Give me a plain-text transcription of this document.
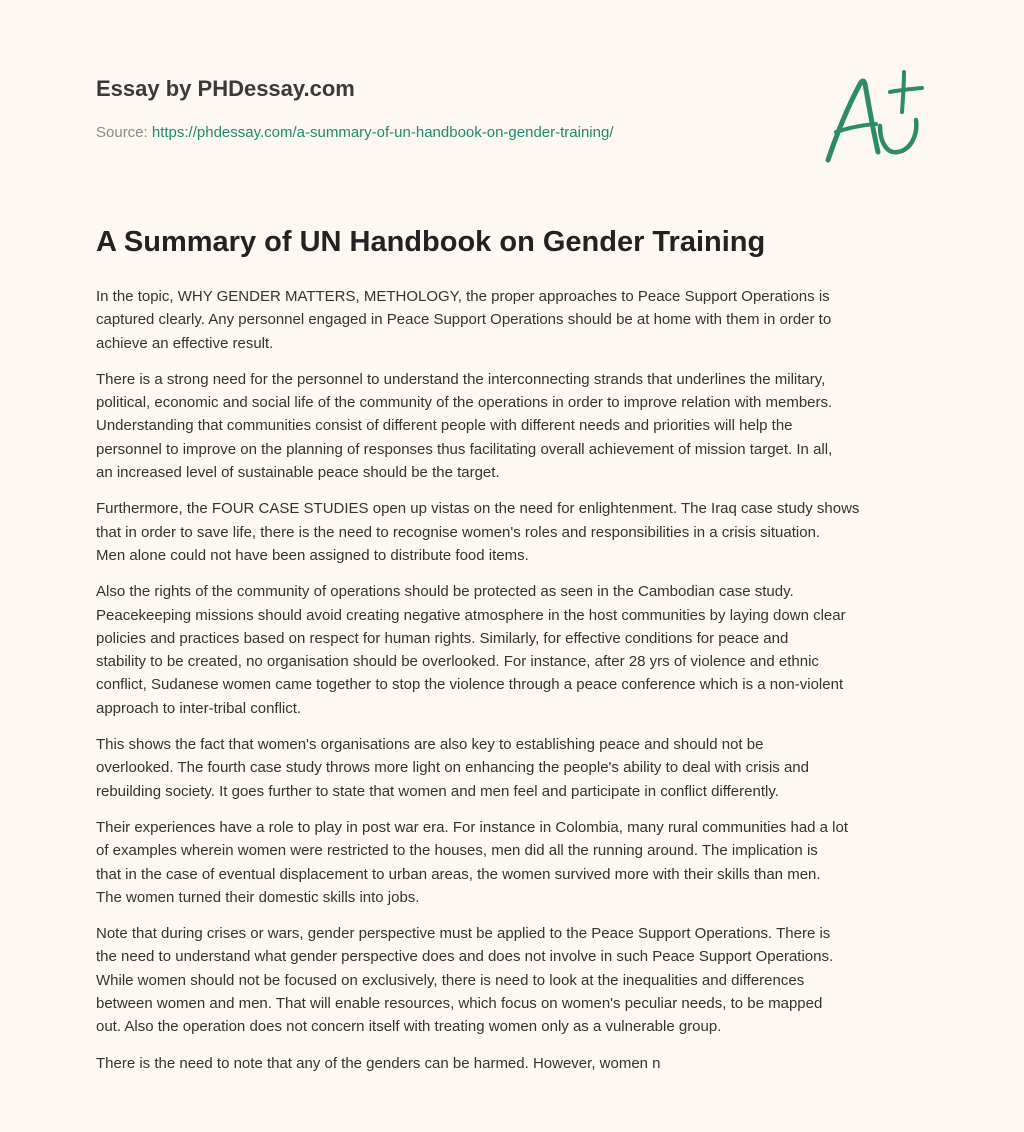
Essay by PHDessay.com
Source: https://phdessay.com/a-summary-of-un-handbook-on-gender-training/
A Summary of UN Handbook on Gender Training

In the topic, WHY GENDER MATTERS, METHOLOGY, the proper approaches to Peace Support Operations is
captured clearly. Any personnel engaged in Peace Support Operations should be at home with them in order to
achieve an effective result.

There is a strong need for the personnel to understand the interconnecting strands that underlines the military,
political, economic and social life of the community of the operations in order to improve relation with members.
Understanding that communities consist of different people with different needs and priorities will help the
personnel to improve on the planning of responses thus facilitating overall achievement of mission target. In all,
an increased level of sustainable peace should be the target.

Furthermore, the FOUR CASE STUDIES open up vistas on the need for enlightenment. The Iraq case study shows
that in order to save life, there is the need to recognise women's roles and responsibilities in a crisis situation.
Men alone could not have been assigned to distribute food items.

Also the rights of the community of operations should be protected as seen in the Cambodian case study.
Peacekeeping missions should avoid creating negative atmosphere in the host communities by laying down clear
policies and practices based on respect for human rights. Similarly, for effective conditions for peace and
stability to be created, no organisation should be overlooked. For instance, after 28 yrs of violence and ethnic
conflict, Sudanese women came together to stop the violence through a peace conference which is a non-violent
approach to inter-tribal conflict.

This shows the fact that women's organisations are also key to establishing peace and should not be
overlooked. The fourth case study throws more light on enhancing the people's ability to deal with crisis and
rebuilding society. It goes further to state that women and men feel and participate in conflict differently.

Their experiences have a role to play in post war era. For instance in Colombia, many rural communities had a lot
of examples wherein women were restricted to the houses, men did all the running around. The implication is
that in the case of eventual displacement to urban areas, the women survived more with their skills than men.
The women turned their domestic skills into jobs.

Note that during crises or wars, gender perspective must be applied to the Peace Support Operations. There is
the need to understand what gender perspective does and does not involve in such Peace Support Operations.
While women should not be focused on exclusively, there is need to look at the inequalities and differences
between women and men. That will enable resources, which focus on women's peculiar needs, to be mapped
out. Also the operation does not concern itself with treating women only as a vulnerable group.

There is the need to note that any of the genders can be harmed. However, women n
